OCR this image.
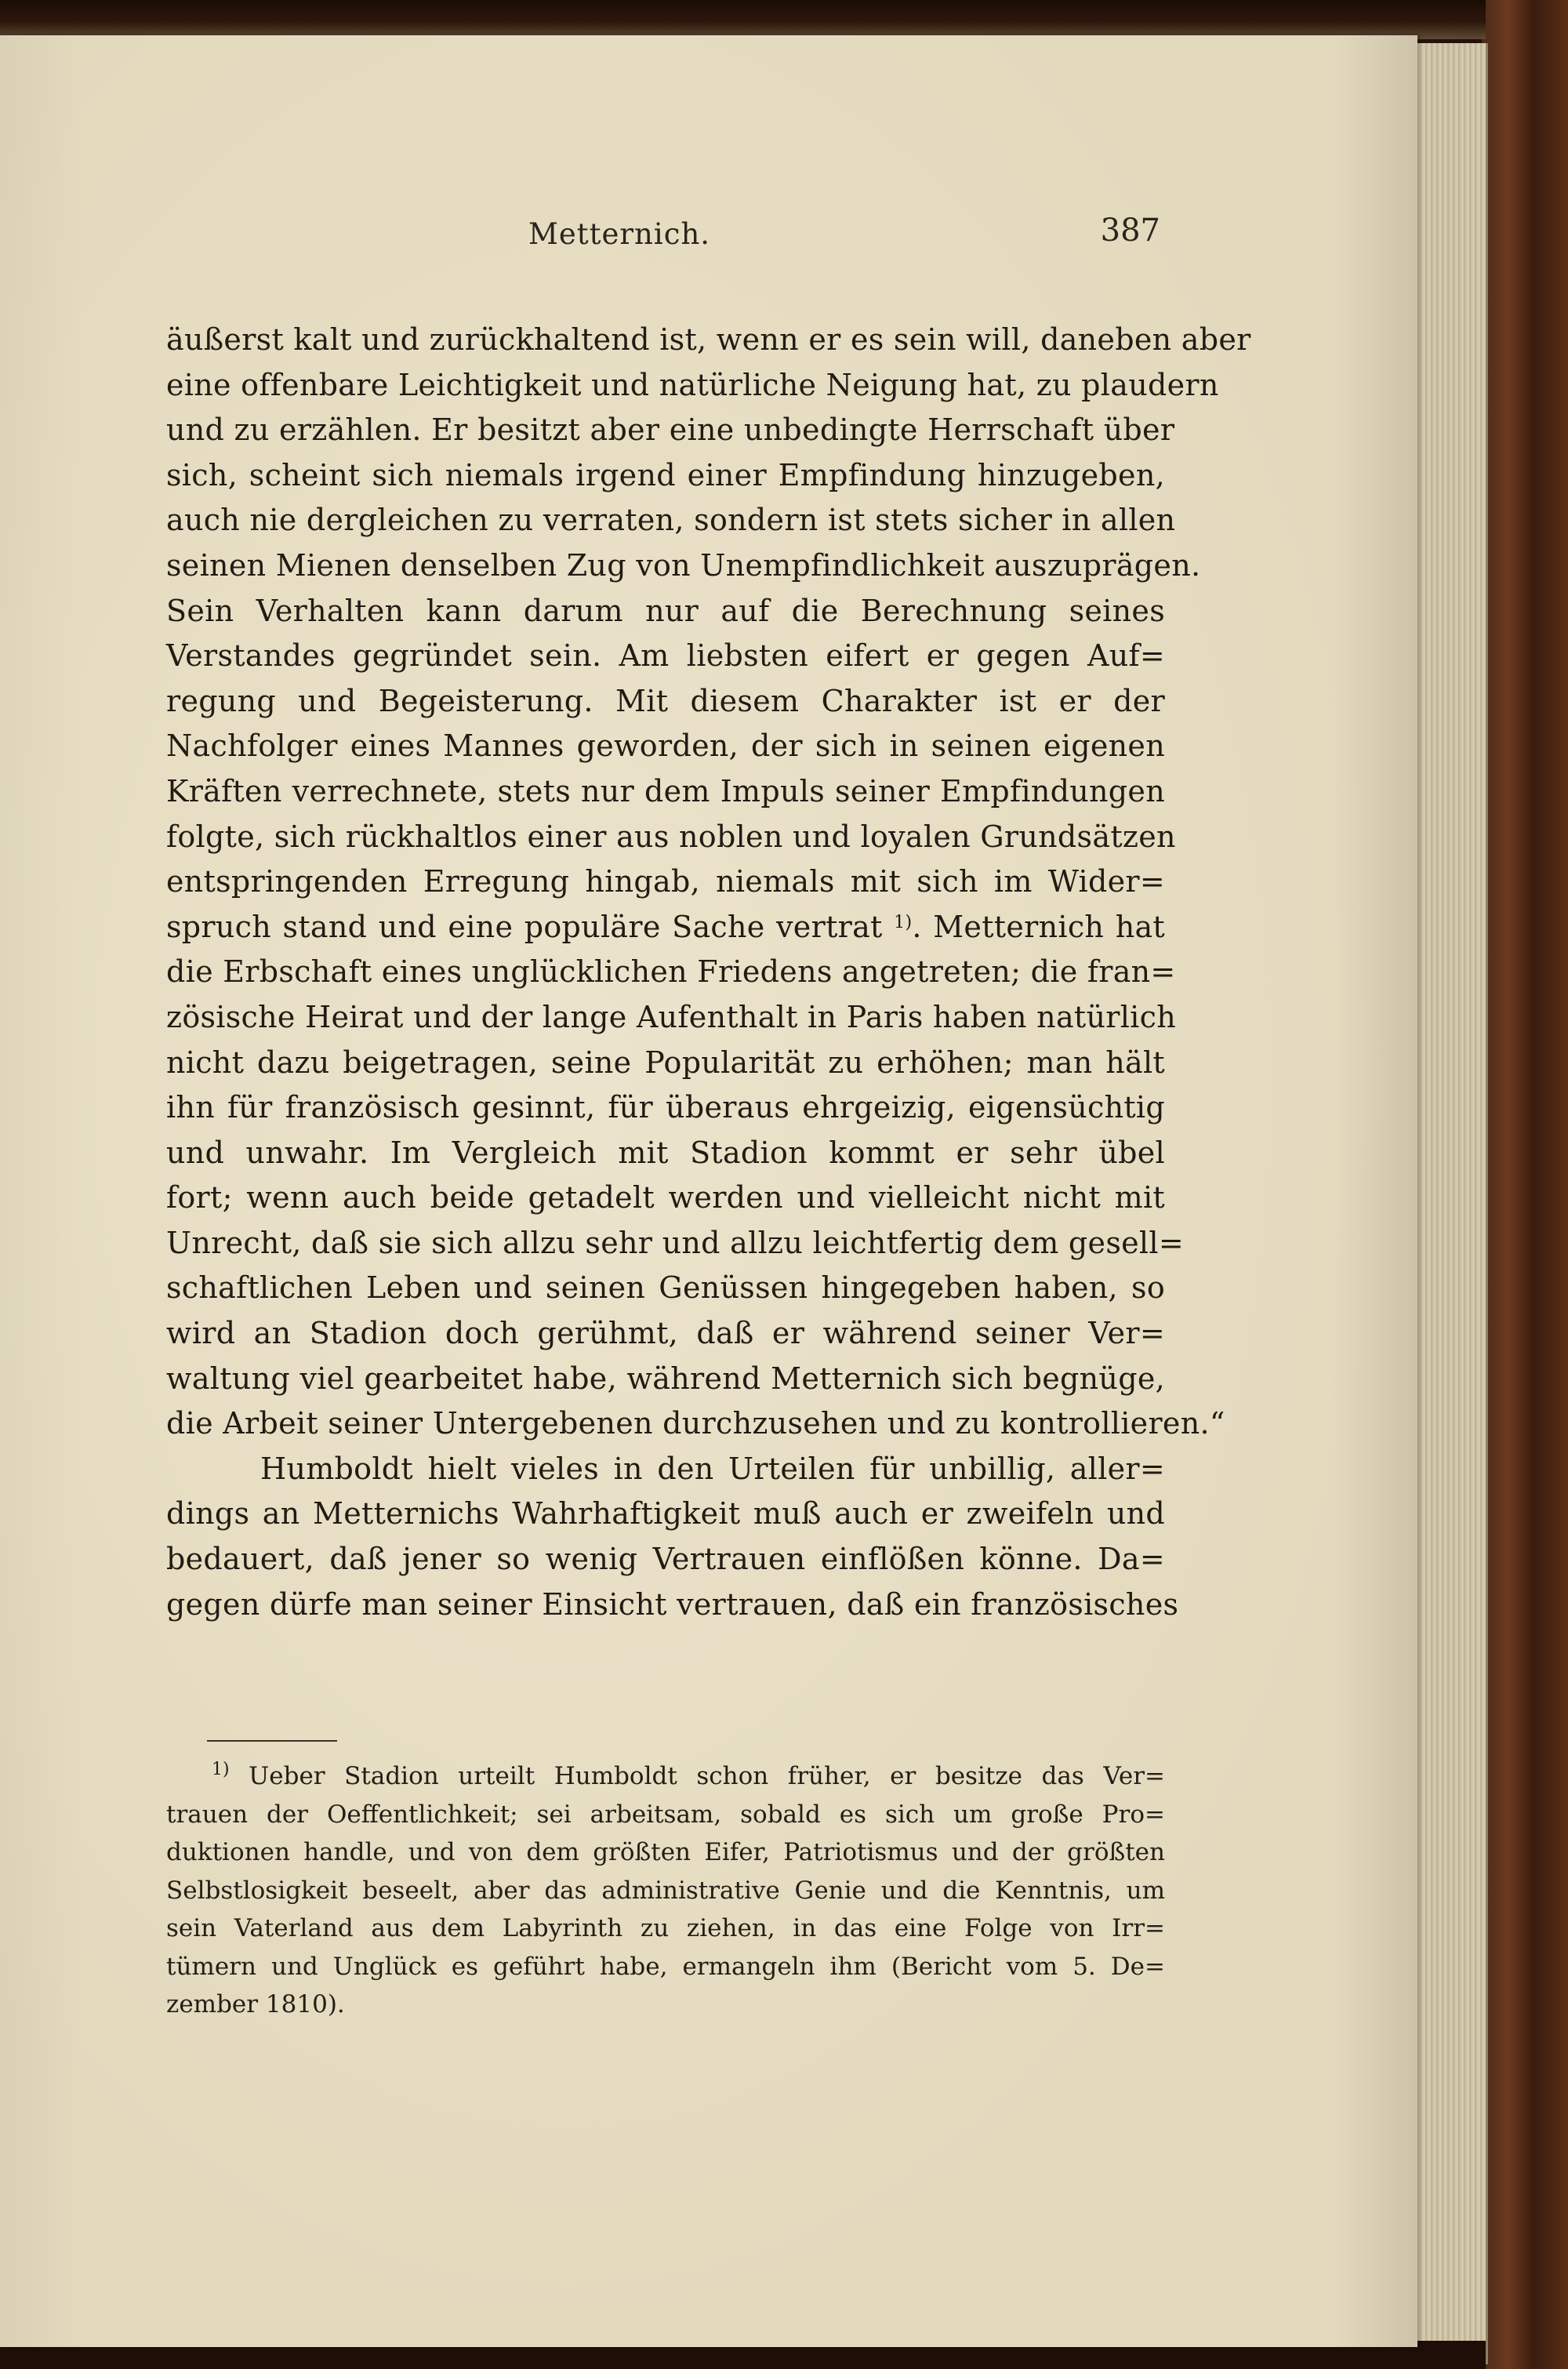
Metternich.	387
äußerst kalt und zurückhaltend ist, wenn er es sein will, daneben aber
eine offenbare Leichtigkeit und natürliche Neigung hat, zu plaudern
und zu erzählen. Er besitzt aber eine unbedingte Herrschaft über
sich, scheint sich niemals irgend einer Empfindung hinzugeben,
auch nie dergleichen zu verraten, sondern ist stets sicher in allen
seinen Mienen denselben Zug von Unempfindlichkeit auszuprägen.
Sein Verhalten kann darum nur auf die Berechnung seines
Verstandes gegründet sein. Am liebsten eifert er gegen Auf=
regung und Begeisterung. Mit diesem Charakter ist er der
Nachfolger eines Mannes geworden, der sich in seinen eigenen
Kräften verrechnete, stets nur dem Impuls seiner Empfindungen
folgte, sich rückhaltlos einer aus noblen und loyalen Grundsätzen
entspringenden Erregung hingab, niemals mit sich im Wider=
spruch stand und eine populäre Sache vertrat $^{1)}$. Metternich hat
die Erbschaft eines unglücklichen Friedens angetreten; die fran=
zösische Heirat und der lange Aufenthalt in Paris haben natürlich
nicht dazu beigetragen, seine Popularität zu erhöhen; man hält
ihn für französisch gesinnt, für überaus ehrgeizig, eigensüchtig
und unwahr. Im Vergleich mit Stadion kommt er sehr übel
fort; wenn auch beide getadelt werden und vielleicht nicht mit
Unrecht, daß sie sich allzu sehr und allzu leichtfertig dem gesell=
schaftlichen Leben und seinen Genüssen hingegeben haben, so
wird an Stadion doch gerühmt, daß er während seiner Ver=
waltung viel gearbeitet habe, während Metternich sich begnüge,
die Arbeit seiner Untergebenen durchzusehen und zu kontrollieren.“
Humboldt hielt vieles in den Urteilen für unbillig, aller=
dings an Metternichs Wahrhaftigkeit muß auch er zweifeln und
bedauert, daß jener so wenig Vertrauen einflößen könne. Da=
gegen dürfe man seiner Einsicht vertrauen, daß ein französisches
$^{1)}$ Ueber Stadion urteilt Humboldt schon früher, er besitze das Ver=
trauen der Oeffentlichkeit; sei arbeitsam, sobald es sich um große Pro=
duktionen handle, und von dem größten Eifer, Patriotismus und der größten
Selbstlosigkeit beseelt, aber das administrative Genie und die Kenntnis, um
sein Vaterland aus dem Labyrinth zu ziehen, in das eine Folge von Irr=
tümern und Unglück es geführt habe, ermangeln ihm (Bericht vom 5. De=
zember 1810).
